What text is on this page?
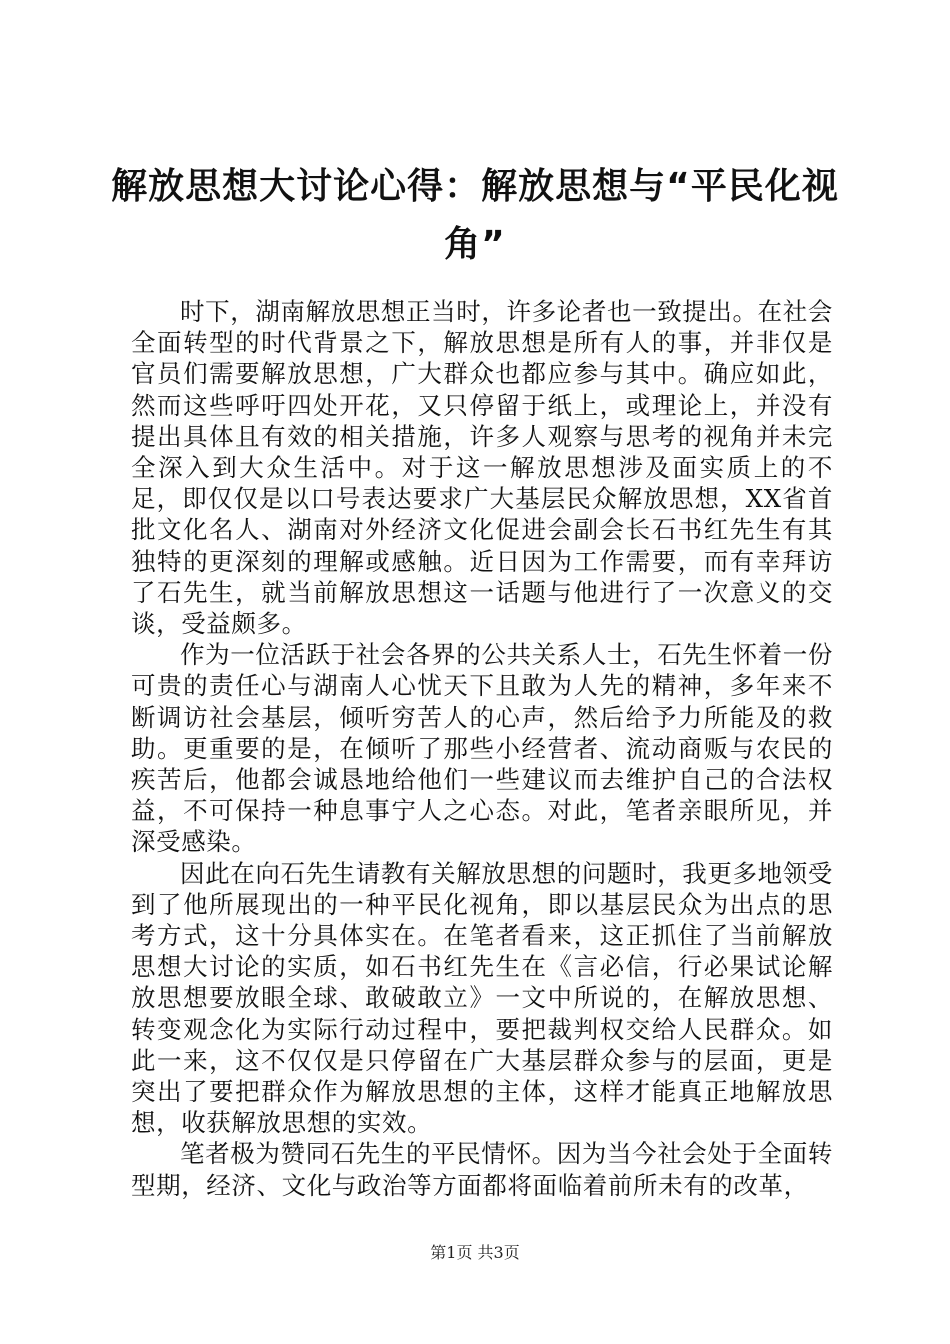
解放思想大讨论心得：解放思想与“平民化视角”

时下，湖南解放思想正当时，许多论者也一致提出。在社会全面转型的时代背景之下，解放思想是所有人的事，并非仅是官员们需要解放思想，广大群众也都应参与其中。确应如此，然而这些呼吁四处开花，又只停留于纸上，或理论上，并没有提出具体且有效的相关措施，许多人观察与思考的视角并未完全深入到大众生活中。对于这一解放思想涉及面实质上的不足，即仅仅是以口号表达要求广大基层民众解放思想，XX省首批文化名人、湖南对外经济文化促进会副会长石书红先生有其独特的更深刻的理解或感触。近日因为工作需要，而有幸拜访了石先生，就当前解放思想这一话题与他进行了一次意义的交谈，受益颇多。

作为一位活跃于社会各界的公共关系人士，石先生怀着一份可贵的责任心与湖南人心忧天下且敢为人先的精神，多年来不断调访社会基层，倾听穷苦人的心声，然后给予力所能及的救助。更重要的是，在倾听了那些小经营者、流动商贩与农民的疾苦后，他都会诚恳地给他们一些建议而去维护自己的合法权益，不可保持一种息事宁人之心态。对此，笔者亲眼所见，并深受感染。

因此在向石先生请教有关解放思想的问题时，我更多地领受到了他所展现出的一种平民化视角，即以基层民众为出点的思考方式，这十分具体实在。在笔者看来，这正抓住了当前解放思想大讨论的实质，如石书红先生在《言必信，行必果试论解放思想要放眼全球、敢破敢立》一文中所说的，在解放思想、转变观念化为实际行动过程中，要把裁判权交给人民群众。如此一来，这不仅仅是只停留在广大基层群众参与的层面，更是突出了要把群众作为解放思想的主体，这样才能真正地解放思想，收获解放思想的实效。

笔者极为赞同石先生的平民情怀。因为当今社会处于全面转型期，经济、文化与政治等方面都将面临着前所未有的改革，

第1页 共3页
